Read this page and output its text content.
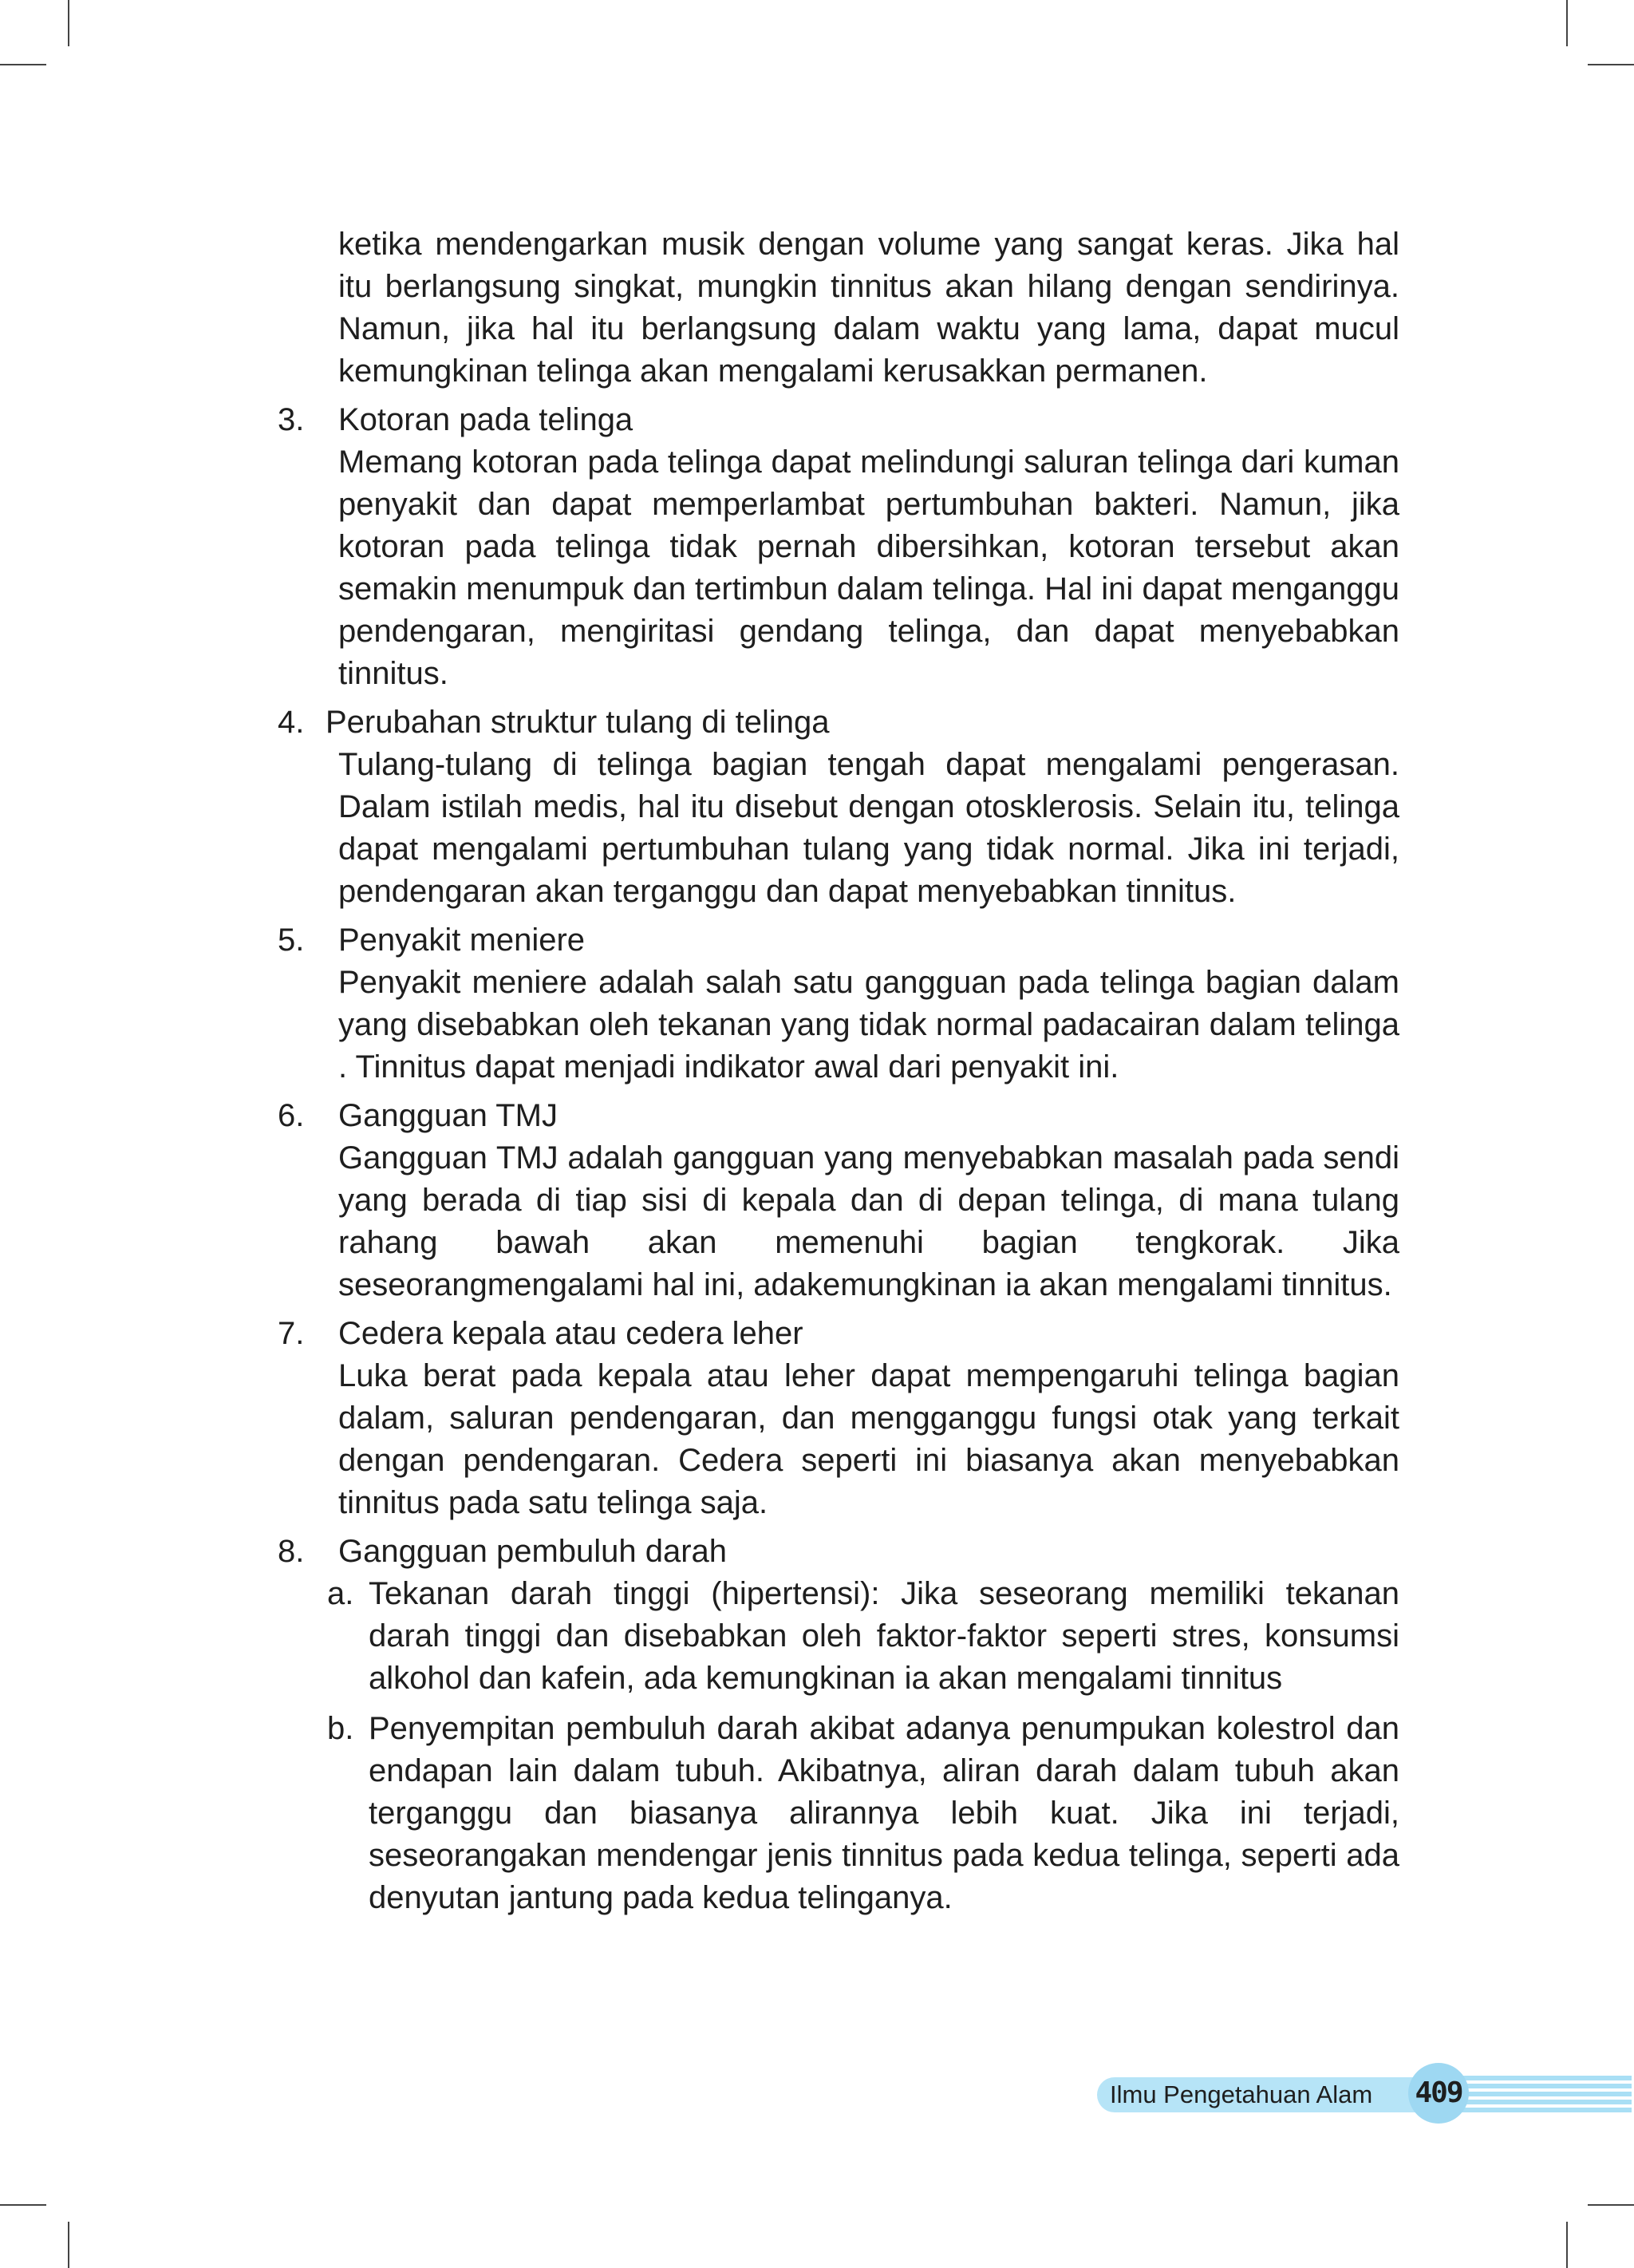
ketika mendengarkan musik dengan volume yang sangat keras. Jika hal itu berlangsung singkat, mungkin tinnitus akan hilang dengan sendirinya. Namun, jika hal itu berlangsung dalam waktu yang lama, dapat mucul kemungkinan telinga akan mengalami kerusakkan permanen.

3. Kotoran pada telinga
Memang kotoran pada telinga dapat melindungi saluran telinga dari kuman penyakit dan dapat memperlambat pertumbuhan bakteri. Namun, jika kotoran pada telinga tidak pernah dibersihkan, kotoran tersebut akan semakin menumpuk dan tertimbun dalam telinga. Hal ini dapat menganggu pendengaran, mengiritasi gendang telinga, dan dapat menyebabkan tinnitus.
4. Perubahan struktur tulang di telinga
Tulang-tulang di telinga bagian tengah dapat mengalami pengerasan. Dalam istilah medis, hal itu disebut dengan otosklerosis. Selain itu, telinga dapat mengalami pertumbuhan tulang yang tidak normal. Jika ini terjadi, pendengaran akan terganggu dan dapat menyebabkan tinnitus.
5. Penyakit meniere
Penyakit meniere adalah salah satu gangguan pada telinga bagian dalam yang disebabkan oleh tekanan yang tidak normal padacairan dalam telinga . Tinnitus dapat menjadi indikator awal dari penyakit ini.
6. Gangguan TMJ
Gangguan TMJ adalah gangguan yang menyebabkan masalah pada sendi yang berada di tiap sisi di kepala dan di depan telinga, di mana tulang rahang bawah akan memenuhi bagian tengkorak. Jika seseorangmengalami hal ini, adakemungkinan ia akan mengalami tinnitus.
7. Cedera kepala atau cedera leher
Luka berat pada kepala atau leher dapat mempengaruhi telinga bagian dalam, saluran pendengaran, dan mengganggu fungsi otak yang terkait dengan pendengaran. Cedera seperti ini biasanya akan menyebabkan tinnitus pada satu telinga saja.
8. Gangguan pembuluh darah
a. Tekanan darah tinggi (hipertensi): Jika seseorang memiliki tekanan darah tinggi dan disebabkan oleh faktor-faktor seperti stres, konsumsi alkohol dan kafein, ada kemungkinan ia akan mengalami tinnitus
b. Penyempitan pembuluh darah akibat adanya penumpukan kolestrol dan endapan lain dalam tubuh. Akibatnya, aliran darah dalam tubuh akan terganggu dan biasanya alirannya lebih kuat. Jika ini terjadi, seseorangakan mendengar jenis tinnitus pada kedua telinga, seperti ada denyutan jantung pada kedua telinganya.
Ilmu Pengetahuan Alam	409
